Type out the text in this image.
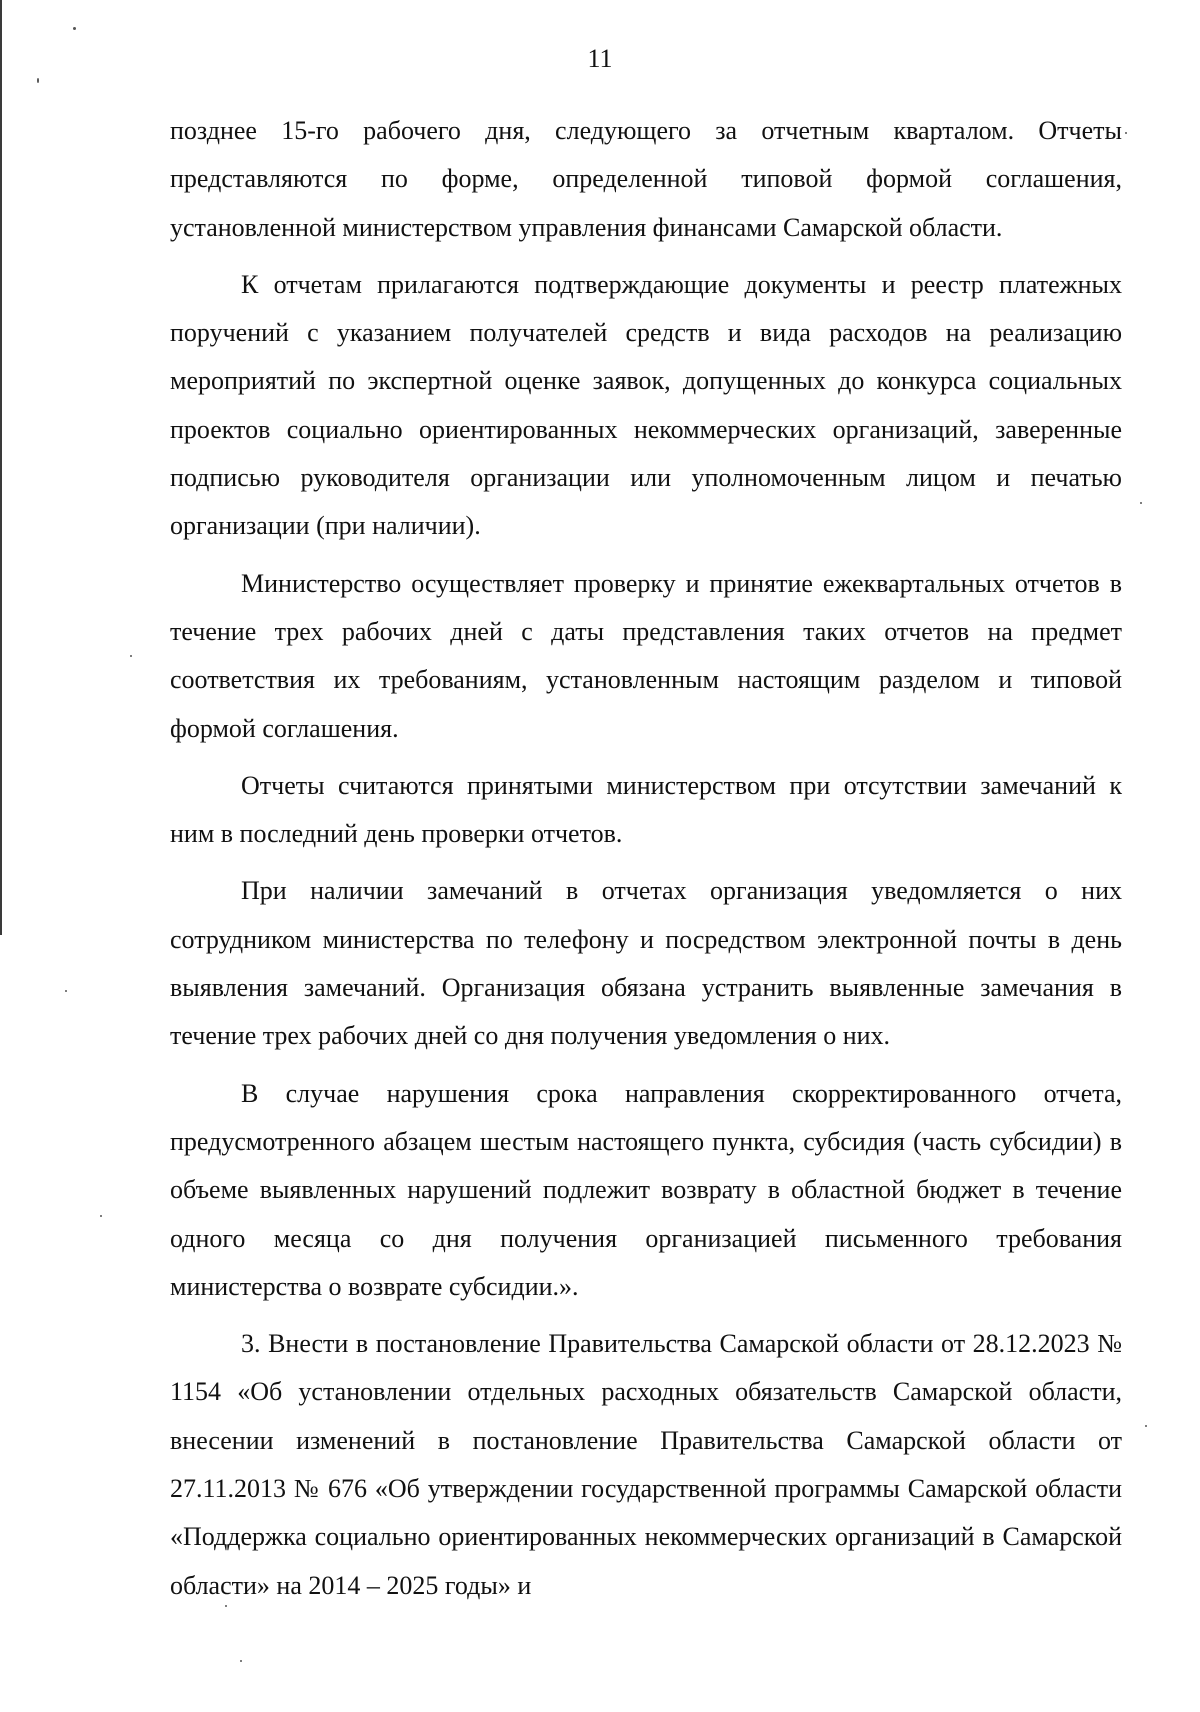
11

позднее 15-го рабочего дня, следующего за отчетным кварталом. Отчеты представляются по форме, определенной типовой формой соглашения, установленной министерством управления финансами Самарской области.

К отчетам прилагаются подтверждающие документы и реестр платежных поручений с указанием получателей средств и вида расходов на реализацию мероприятий по экспертной оценке заявок, допущенных до конкурса социальных проектов социально ориентированных некоммерческих организаций, заверенные подписью руководителя организации или уполномоченным лицом и печатью организации (при наличии).

Министерство осуществляет проверку и принятие ежеквартальных отчетов в течение трех рабочих дней с даты представления таких отчетов на предмет соответствия их требованиям, установленным настоящим разделом и типовой формой соглашения.

Отчеты считаются принятыми министерством при отсутствии замечаний к ним в последний день проверки отчетов.

При наличии замечаний в отчетах организация уведомляется о них сотрудником министерства по телефону и посредством электронной почты в день выявления замечаний. Организация обязана устранить выявленные замечания в течение трех рабочих дней со дня получения уведомления о них.

В случае нарушения срока направления скорректированного отчета, предусмотренного абзацем шестым настоящего пункта, субсидия (часть субсидии) в объеме выявленных нарушений подлежит возврату в областной бюджет в течение одного месяца со дня получения организацией письменного требования министерства о возврате субсидии.».

3. Внести в постановление Правительства Самарской области от 28.12.2023 № 1154 «Об установлении отдельных расходных обязательств Самарской области, внесении изменений в постановление Правительства Самарской области от 27.11.2013 № 676 «Об утверждении государственной программы Самарской области «Поддержка социально ориентированных некоммерческих организаций в Самарской области» на 2014 – 2025 годы» и
